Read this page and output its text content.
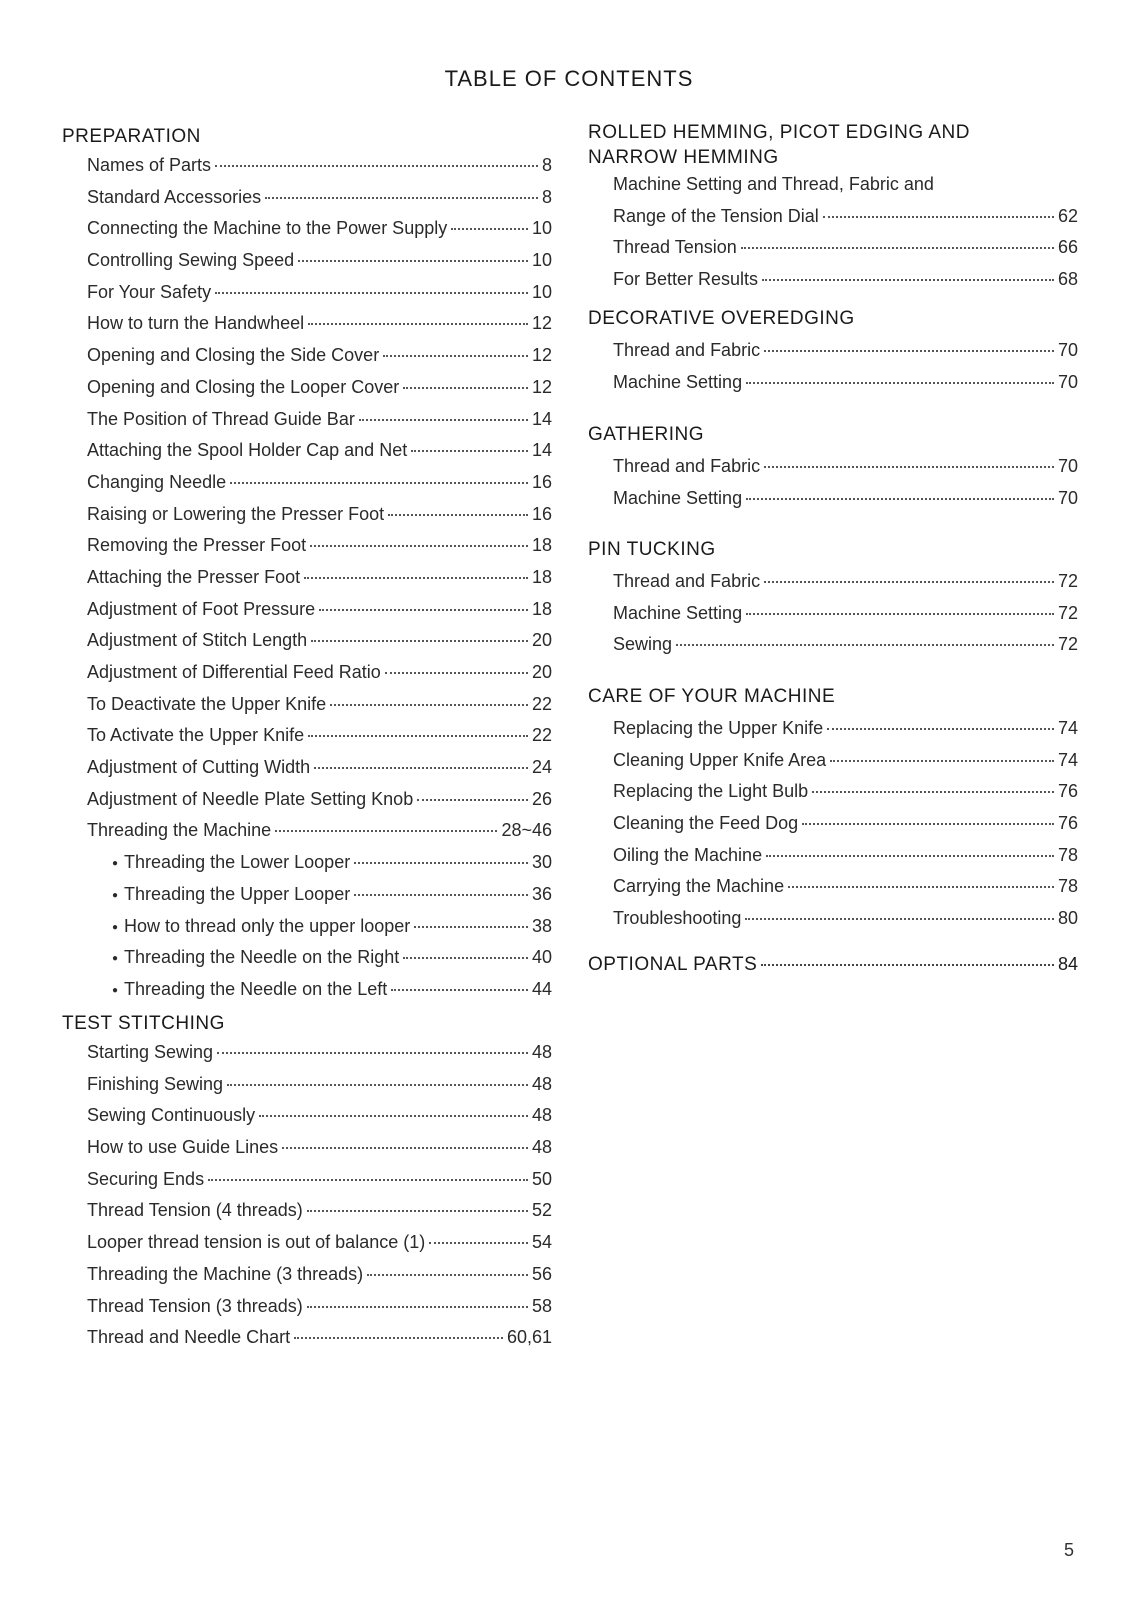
TABLE OF CONTENTS
PREPARATION
Names of Parts	8
Standard Accessories	8
Connecting the Machine to the Power Supply	10
Controlling Sewing Speed	10
For Your Safety	10
How to turn the Handwheel	12
Opening and Closing the Side Cover	12
Opening and Closing the Looper Cover	12
The Position of Thread Guide Bar	14
Attaching the Spool Holder Cap and Net	14
Changing Needle	16
Raising or Lowering the Presser Foot	16
Removing the Presser Foot	18
Attaching the Presser Foot	18
Adjustment of Foot Pressure	18
Adjustment of Stitch Length	20
Adjustment of Differential Feed Ratio	20
To Deactivate the Upper Knife	22
To Activate the Upper Knife	22
Adjustment of Cutting Width	24
Adjustment of Needle Plate Setting Knob	26
Threading the Machine	28~46
● Threading the Lower Looper	30
● Threading the Upper Looper	36
● How to thread only the upper looper	38
● Threading the Needle on the Right	40
● Threading the Needle on the Left	44
TEST STITCHING
Starting Sewing	48
Finishing Sewing	48
Sewing Continuously	48
How to use Guide Lines	48
Securing Ends	50
Thread Tension (4 threads)	52
Looper thread tension is out of balance (1)	54
Threading the Machine (3 threads)	56
Thread Tension (3 threads)	58
Thread and Needle Chart	60,61
ROLLED HEMMING, PICOT EDGING AND
NARROW HEMMING
Machine Setting and Thread, Fabric and
Range of the Tension Dial	62
Thread Tension	66
For Better Results	68
DECORATIVE OVEREDGING
Thread and Fabric	70
Machine Setting	70
GATHERING
Thread and Fabric	70
Machine Setting	70
PIN TUCKING
Thread and Fabric	72
Machine Setting	72
Sewing	72
CARE OF YOUR MACHINE
Replacing the Upper Knife	74
Cleaning Upper Knife Area	74
Replacing the Light Bulb	76
Cleaning the Feed Dog	76
Oiling the Machine	78
Carrying the Machine	78
Troubleshooting	80
OPTIONAL PARTS	84
5
